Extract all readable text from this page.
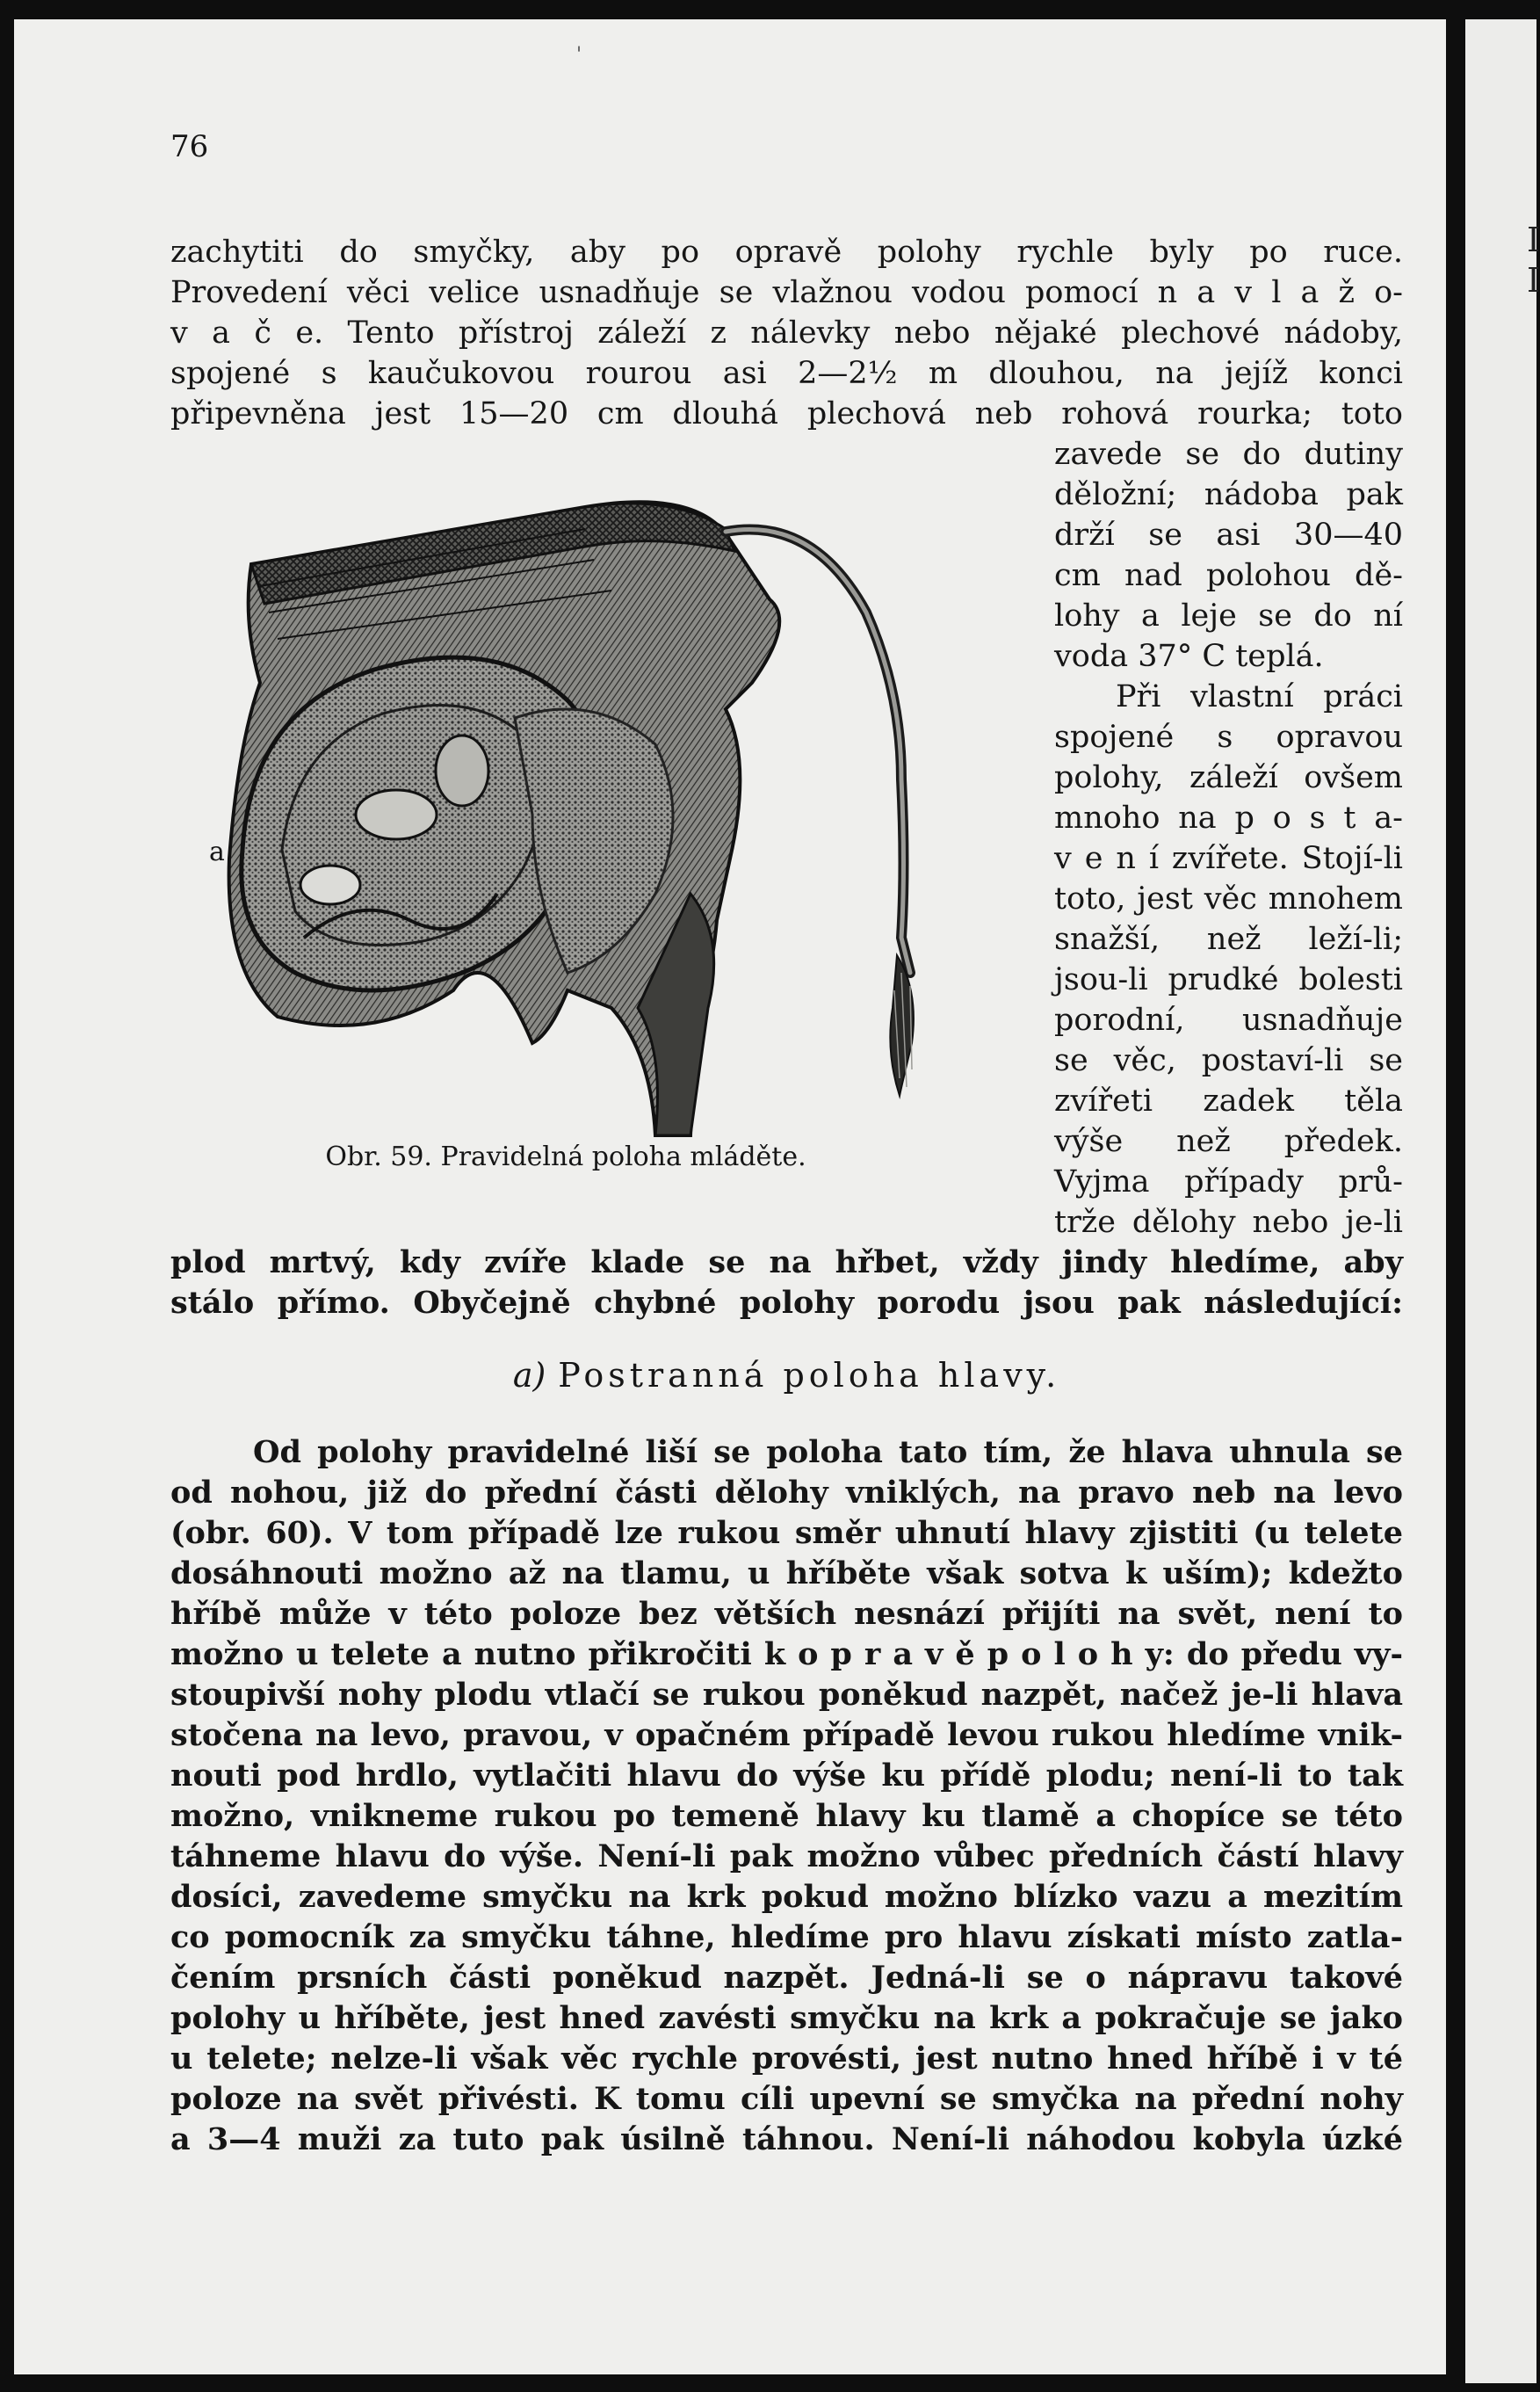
'
76
zachytiti do smyčky, aby po opravě polohy rychle byly po ruce.
Provedení věci velice usnadňuje se vlažnou vodou pomocí n a v l a ž o-
v a č e. Tento přístroj záleží z nálevky nebo nějaké plechové nádoby,
spojené s kaučukovou rourou asi 2—2½ m dlouhou, na jejíž konci
připevněna jest 15—20 cm dlouhá plechová neb rohová rourka; toto
zavede se do dutiny
děložní; nádoba pak
drží se asi 30—40
cm nad polohou dě-
lohy a leje se do ní
voda 37° C teplá.
Při vlastní práci
spojené s opravou
polohy, záleží ovšem
mnoho na p o s t a-
v e n í zvířete. Stojí-li
toto, jest věc mnohem
snažší, než leží-li;
jsou-li prudké bolesti
porodní, usnadňuje
se věc, postaví-li se
zvířeti zadek těla
výše než předek.
Vyjma případy prů-
trže dělohy nebo je-li
a
Obr. 59. Pravidelná poloha mláděte.
plod mrtvý, kdy zvíře klade se na hřbet, vždy jindy hledíme, aby
stálo přímo. Obyčejně chybné polohy porodu jsou pak následující:
a) Postranná poloha hlavy.
Od polohy pravidelné liší se poloha tato tím, že hlava uhnula se
od nohou, již do přední části dělohy vniklých, na pravo neb na levo
(obr. 60). V tom případě lze rukou směr uhnutí hlavy zjistiti (u telete
dosáhnouti možno až na tlamu, u hříběte však sotva k uším); kdežto
hříbě může v této poloze bez větších nesnází přijíti na svět, není to
možno u telete a nutno přikročiti k o p r a v ě p o l o h y: do předu vy-
stoupivší nohy plodu vtlačí se rukou poněkud nazpět, načež je-li hlava
stočena na levo, pravou, v opačném případě levou rukou hledíme vnik-
nouti pod hrdlo, vytlačiti hlavu do výše ku přídě plodu; není-li to tak
možno, vnikneme rukou po temeně hlavy ku tlamě a chopíce se této
táhneme hlavu do výše. Není-li pak možno vůbec předních částí hlavy
dosíci, zavedeme smyčku na krk pokud možno blízko vazu a mezitím
co pomocník za smyčku táhne, hledíme pro hlavu získati místo zatla-
čením prsních části poněkud nazpět. Jedná-li se o nápravu takové
polohy u hříběte, jest hned zavésti smyčku na krk a pokračuje se jako
u telete; nelze-li však věc rychle provésti, jest nutno hned hříbě i v té
poloze na svět přivésti. K tomu cíli upevní se smyčka na přední nohy
a 3—4 muži za tuto pak úsilně táhnou. Není-li náhodou kobyla úzké
I
I
